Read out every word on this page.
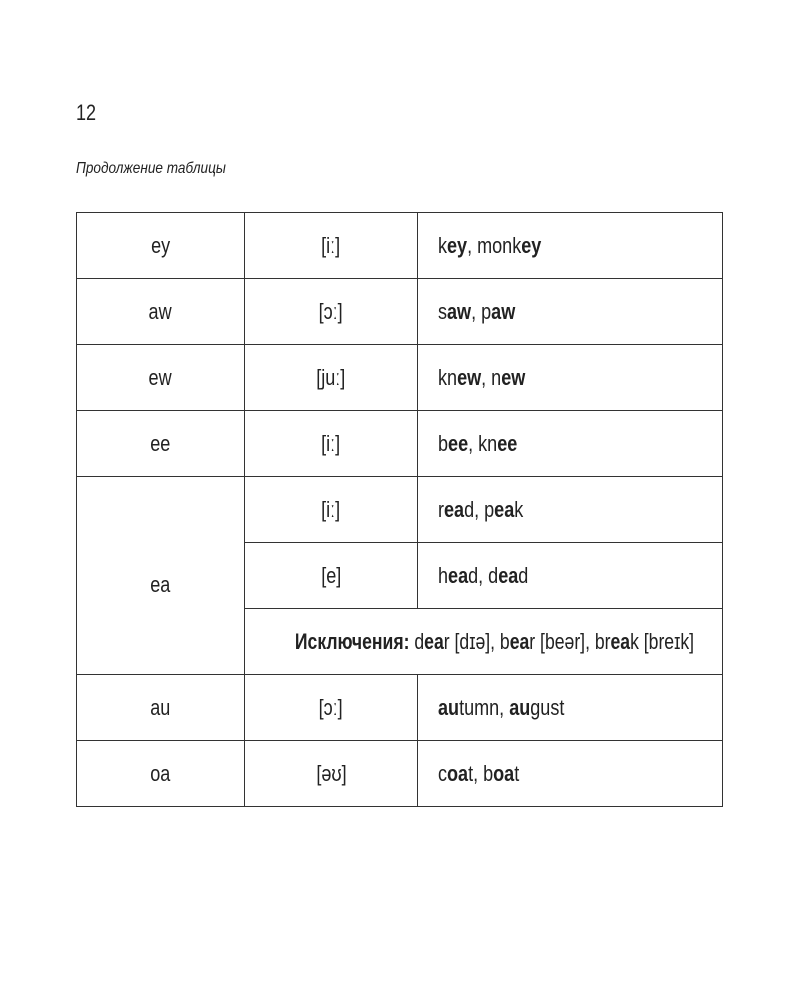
12
Продолжение таблицы
ey	[iː]	key, monkey
aw	[ɔː]	saw, paw
ew	[juː]	knew, new
ee	[iː]	bee, knee
ea	[iː]	read, peak
	[e]	head, dead
	Исключения: dear [dɪə], bear [beər], break [breɪk]	
au	[ɔː]	autumn, august
oa	[əʊ]	coat, boat
